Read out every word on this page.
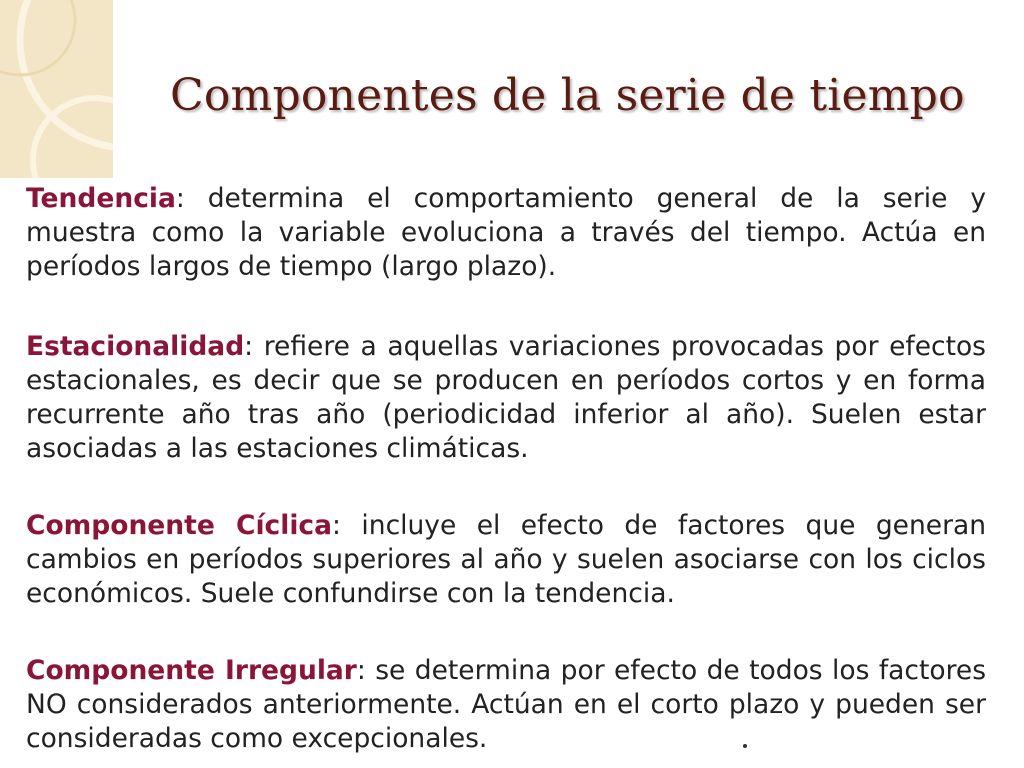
Componentes de la serie de tiempo

Tendencia: determina el comportamiento general de la serie y muestra como la variable evoluciona a través del tiempo. Actúa en períodos largos de tiempo (largo plazo).

Estacionalidad: refiere a aquellas variaciones provocadas por efectos estacionales, es decir que se producen en períodos cortos y en forma recurrente año tras año (periodicidad inferior al año). Suelen estar asociadas a las estaciones climáticas.

Componente Cíclica: incluye el efecto de factores que generan cambios en períodos superiores al año y suelen asociarse con los ciclos económicos. Suele confundirse con la tendencia.

Componente Irregular: se determina por efecto de todos los factores NO considerados anteriormente. Actúan en el corto plazo y pueden ser consideradas como excepcionales.
